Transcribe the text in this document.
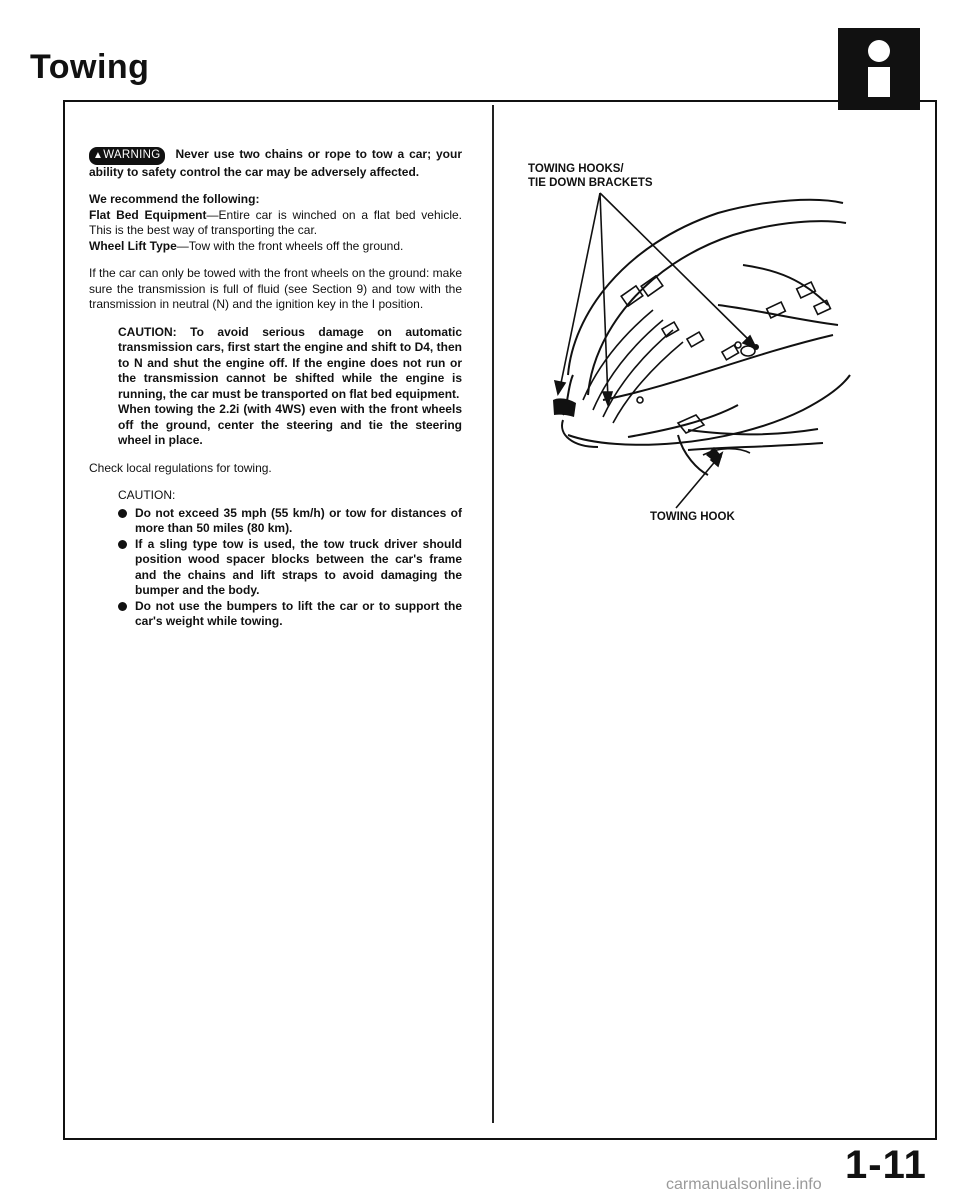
Towing

▲WARNING Never use two chains or rope to tow a car; your ability to safety control the car may be adversely affected.

We recommend the following:
Flat Bed Equipment—Entire car is winched on a flat bed vehicle. This is the best way of transporting the car.
Wheel Lift Type—Tow with the front wheels off the ground.

If the car can only be towed with the front wheels on the ground: make sure the transmission is full of fluid (see Section 9) and tow with the transmission in neutral (N) and the ignition key in the I position.

CAUTION: To avoid serious damage on automatic transmission cars, first start the engine and shift to D4, then to N and shut the engine off. If the engine does not run or the transmission cannot be shifted while the engine is running, the car must be transported on flat bed equipment.

When towing the 2.2i (with 4WS) even with the front wheels off the ground, center the steering and tie the steering wheel in place.

Check local regulations for towing.

CAUTION:
Do not exceed 35 mph (55 km/h) or tow for distances of more than 50 miles (80 km).
If a sling type tow is used, the tow truck driver should position wood spacer blocks between the car's frame and the chains and lift straps to avoid damaging the bumper and the body.
Do not use the bumpers to lift the car or to support the car's weight while towing.
TOWING HOOKS/
TIE DOWN BRACKETS
TOWING HOOK
1-11
carmanualsonline.info
